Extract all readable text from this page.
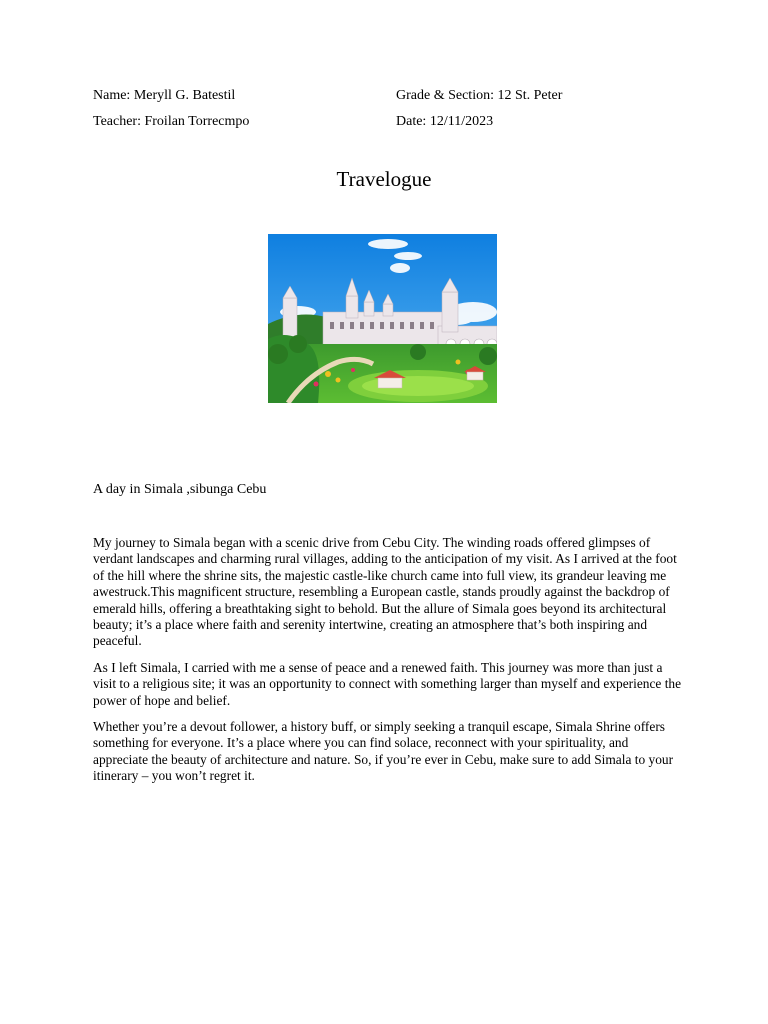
Name: Meryll G. Batestil	Grade & Section: 12 St. Peter
Teacher: Froilan Torrecmpo	Date: 12/11/2023
Travelogue
A day in Simala ,sibunga Cebu

My journey to Simala began with a scenic drive from Cebu City. The winding roads offered glimpses of verdant landscapes and charming rural villages, adding to the anticipation of my visit. As I arrived at the foot of the hill where the shrine sits, the majestic castle-like church came into full view, its grandeur leaving me awestruck.This magnificent structure, resembling a European castle, stands proudly against the backdrop of emerald hills, offering a breathtaking sight to behold. But the allure of Simala goes beyond its architectural beauty; it’s a place where faith and serenity intertwine, creating an atmosphere that’s both inspiring and peaceful.

As I left Simala, I carried with me a sense of peace and a renewed faith. This journey was more than just a visit to a religious site; it was an opportunity to connect with something larger than myself and experience the power of hope and belief.

Whether you’re a devout follower, a history buff, or simply seeking a tranquil escape, Simala Shrine offers something for everyone. It’s a place where you can find solace, reconnect with your spirituality, and appreciate the beauty of architecture and nature. So, if you’re ever in Cebu, make sure to add Simala to your itinerary – you won’t regret it.
